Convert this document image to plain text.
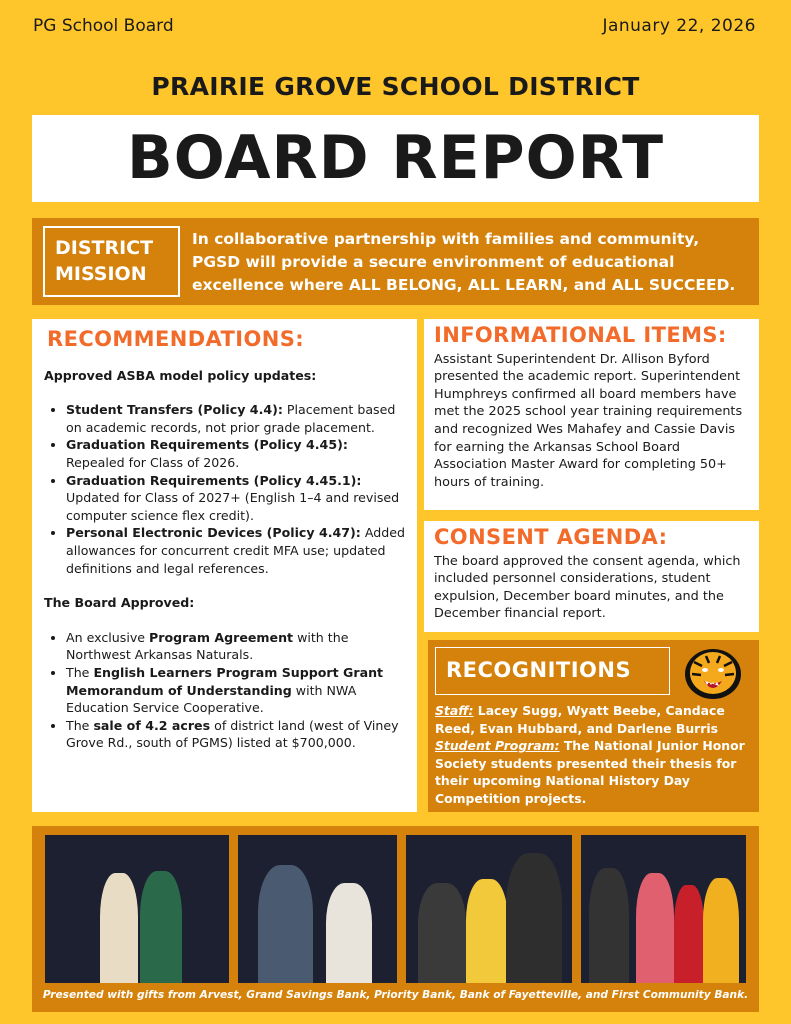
PG School Board	January 22, 2026
PRAIRIE GROVE SCHOOL DISTRICT
BOARD REPORT
DISTRICT
MISSION
In collaborative partnership with families and community, PGSD will provide a secure environment of educational excellence where ALL BELONG, ALL LEARN, and ALL SUCCEED.
RECOMMENDATIONS:
Approved ASBA model policy updates:
• Student Transfers (Policy 4.4): Placement based on academic records, not prior grade placement.
• Graduation Requirements (Policy 4.45): Repealed for Class of 2026.
• Graduation Requirements (Policy 4.45.1): Updated for Class of 2027+ (English 1–4 and revised computer science flex credit).
• Personal Electronic Devices (Policy 4.47): Added allowances for concurrent credit MFA use; updated definitions and legal references.
The Board Approved:
• An exclusive Program Agreement with the Northwest Arkansas Naturals.
• The English Learners Program Support Grant Memorandum of Understanding with NWA Education Service Cooperative.
• The sale of 4.2 acres of district land (west of Viney Grove Rd., south of PGMS) listed at $700,000.
INFORMATIONAL ITEMS:

Assistant Superintendent Dr. Allison Byford presented the academic report. Superintendent Humphreys confirmed all board members have met the 2025 school year training requirements and recognized Wes Mahafey and Cassie Davis for earning the Arkansas School Board Association Master Award for completing 50+ hours of training.

CONSENT AGENDA:

The board approved the consent agenda, which included personnel considerations, student expulsion, December board minutes, and the December financial report.

RECOGNITIONS
Staff: Lacey Sugg, Wyatt Beebe, Candace Reed, Evan Hubbard, and Darlene Burris
Student Program: The National Junior Honor Society students presented their thesis for their upcoming National History Day Competition projects.
Presented with gifts from Arvest, Grand Savings Bank, Priority Bank, Bank of Fayetteville, and First Community Bank.
